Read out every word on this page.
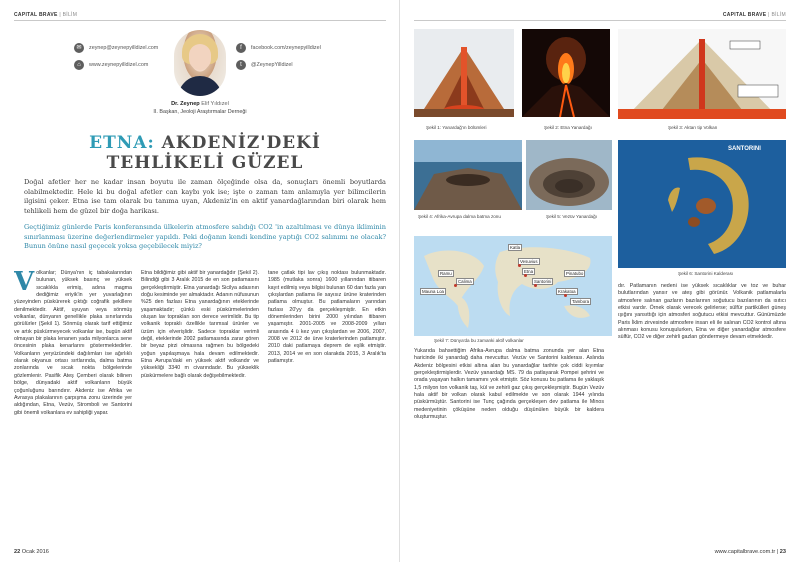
CAPITAL BRAVE | BİLİM
✉	zeynep@zeynepyilldizel.com
⌂	www.zeynepyilldizel.com
f	facebook.com/zeynepyilldizel
t	@ZeynepYilldizel
Dr. Zeynep Elif Yıldızel
II. Başkan, Jeoloji Araştırmalar Derneği
ETNA: AKDENİZ'DEKİ TEHLİKELİ GÜZEL
Doğal afetler her ne kadar insan boyutu ile zaman ölçeğinde olsa da, sonuçları önemli boyutlarda olabilmektedir. Hele ki bu doğal afetler can kaybı yok ise; işte o zaman tam anlamıyla yer bilimcilerin ilgisini çeker. Etna ise tam olarak bu tanıma uyan, Akdeniz'in en aktif yanardağlarından biri olarak hem tehlikeli hem de güzel bir doğa harikası.
Geçtiğimiz günlerde Paris konferansında ülkelerin atmosfere salıdığı CO2 'in azaltılması ve dünya ikliminin sınırlanması üzerine değerlendirmeler yapıldı. Peki doğanın kendi kendine yaptığı CO2 salınımı ne olacak? Bunun önüne nasıl geçecek yoksa geçebilecek miyiz?
Volkanlar; Dünya'nın iç tabakalarından bulunan, yüksek basınç ve yüksek sıcaklıkla erimiş, adına magma dediğimiz eriyik'in yer yuvarlağının yüzeyinden püskürerek çıktığı coğrafik şekillere denilmektedir. Aktif, uyuyan veya sönmüş volkanlar, dünyanın genellikle plaka sınırlarında görülürler (Şekil 1). Sönmüş olarak tarif ettiğimiz ve artık püskürmeyecek volkanlar ise, bugün aktif olmayan bir plaka lenanen yada milyonlarca sene öncesinin plaka kenarlarını göstermektedirler. Volkanların yeryüzündeki dağılımları ise ağırlıklı olarak okyanus ortası sırtlarında, dalma batma zonlarında ve sıcak nokta bölgelerinde gözlemlenir. Pasifik Ateş Çemberi olarak bilinen bölge, dünyadaki aktif volkanların büyük çoğunluğunu barındırır. Akdeniz ise Afrika ve Avrasya plakalarının çarpışma zonu üzerinde yer aldığından, Etna, Vezüv, Stromboli ve Santorini gibi önemli volkanlara ev sahipliği yapar.
Etna bildiğimiz gibi aktif bir yanardağdır (Şekil 2). Bilindiği gibi 3 Aralık 2015 de en son patlamasını gerçekleştirmiştir. Etna yanardağı Sicilya adasının doğu kesiminde yer almaktadır. Adanın nüfusunun %25 den fazlası Etna yanardağının eteklerinde yaşamaktadır; çünkü eski püskürmelerinden oluşan lav toprakları son derece verimlidir. Bu tip volkanik topraklı özellikle tarımsal ürünler ve üzüm için elverişlidir. Sadece topraklar verimli değil, eteklerinde 2002 patlamasında zarar gören bir beyaz pirzi olmasına rağmen bu bölgedeki yoğun yapılaşmaya hala devam edilmektedir. Etna Avrupa'daki en yüksek aktif volkandır ve yüksekliği 3340 m civarındadır. Bu yükseklik püskürmelere bağlı olarak değişebilmektedir.
tane çatlak tipi lav çıkış noktası bulunmaktadır. 1985 (mutlaka sonra) 1600 yıllarından itibaren kayıt edilmiş veya bilgisi bulunan 60 dan fazla yan çıkışlardan patlama ile sayısız ürüne kraterinden patlama olmuştur. Bu patlamaların yarından fazlası 20'yy da gerçekleşmiştir. En etkin dönemlerinden birini 2000 yılından itibaren yaşamıştır. 2001-2005 ve 2008-2009 yılları arasında 4 ü kez yan çıkışlardan ve 2006, 2007, 2008 ve 2012 de ürve kraterlerinden patlamıştır. 2010 daki patlamaya deprem de eşlik etmiştir. 2013, 2014 ve en son olarakda 2015, 3 Aralık'ta patlamıştır.
22 Ocak 2016
CAPITAL BRAVE | BİLİM
Şekil 1: Yanardağ'ın bölümleri	Şekil 2: Etna Yanardağı	Şekil 3: Aktarı tip Volkan
Şekil 4: Afrika-Avrupa dalma batma zonu	Şekil 5: Vezüv Yanardağı
SANTORINI
Şekil 6: Santorini Kalderası
Katla
Ramu
Calima
Mauna Loa
Pinatubo
Krakatoa
Tambora
Vesuvius
Etna
Santorini
Şekil 7: Dünya'da bu zamanki aktif volkanlar
Yukarıda bahsettiğim Afrika-Avrupa dalma batma zonunda yer alan Etna haricinde iki yanardağ daha mevcuttur. Vezüv ve Santorini kalderası. Aslında Akdeniz bölgesini etkisi altına alan bu yanardağlar tarihte çok ciddi kıyımlar gerçekleştirmişlerdir. Vezüv yanardağı MS. 79 da patlayarak Pompei şehrini ve orada yaşayan halkın tamamını yok etmiştir. Söz konusu bu patlama ile yaklaşık 1,5 milyon ton volkanik taş, kül ve zehirli gaz çıkış gerçekleşmiştir. Bugün Vezüv hala aktif bir volkan olarak kabul edilmekte ve son olarak 1944 yılında püskürmüştür. Santorini ise Tunç çağında gerçekleşen dev patlama ile Minos medeniyetinin çöküşüne neden olduğu düşünülen büyük bir kaldera oluşturmuştur.
dır. Patlamanın nedeni ise yüksek sıcaklıklar ve toz ve buhar bulutlarından yansır ve ateş gibi görünür. Volkanik patlamalarla atmosfere salınan gazların bazılarının soğutucu bazılarının da ısıtıcı etkisi vardır. Örnek olarak verecek gelirlerse; sülfür partikülleri güneş ışığını yansıttığı için atmosferi soğutucu etkisi mevcuttur. Günümüzde Paris İklim zirvesinde atmosfere insan eli ile salınan CO2 kontrol altına alınması konusu konuşulurken, Etna ve diğer yanardağlar atmosfere sülfür, CO2 ve diğer zehirli gazları göndermeye devam etmektedir.
www.capitalbrave.com.tr | 23
